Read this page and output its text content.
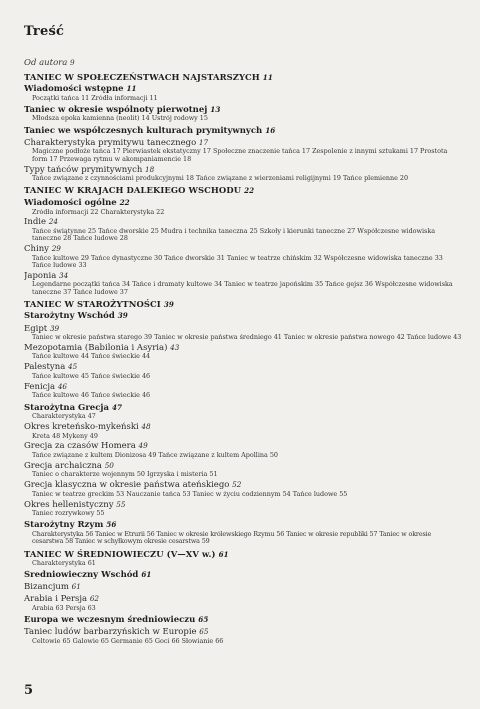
Treść
Od autora 9
TANIEC W SPOŁECZEŃSTWACH NAJSTARSZYCH 11
Wiadomości wstępne 11
Początki tańca 11 Źródła informacji 11
Taniec w okresie wspólnoty pierwotnej 13
Młodsza epoka kamienna (neolit) 14 Ustrój rodowy 15
Taniec we współczesnych kulturach prymitywnych 16
Charakterystyka prymitywu tanecznego 17
Magiczne podłoże tańca 17 Pierwiastek ekstatyczny 17 Społeczne znaczenie tańca 17 Zespolenie z innymi sztukami 17 Prostota form 17 Przewaga rytmu w akompaniamencie 18
Typy tańców prymitywnych 18
Tańce związane z czynnościami produkcyjnymi 18 Tańce związane z wierzeniami religijnymi 19 Tańce plemienne 20
TANIEC W KRAJACH DALEKIEGO WSCHODU 22
Wiadomości ogólne 22
Źródła informacji 22 Charakterystyka 22
Indie 24
Tańce świątynne 25 Tańce dworskie 25 Mudra i technika taneczna 25 Szkoły i kierunki taneczne 27 Współczesne widowiska taneczne 28 Tańce ludowe 28
Chiny 29
Tańce kultowe 29 Tańce dynastyczne 30 Tańce dworskie 31 Taniec w teatrze chińskim 32 Współczesne widowiska taneczne 33 Tańce ludowe 33
Japonia 34
Legendarne początki tańca 34 Tańce i dramaty kultowe 34 Taniec w teatrze japońskim 35 Tańce gejsz 36 Współczesne widowiska taneczne 37 Tańce ludowe 37
TANIEC W STAROŻYTNOŚCI 39
Starożytny Wschód 39
Egipt 39
Taniec w okresie państwa starego 39 Taniec w okresie państwa średniego 41 Taniec w okresie państwa nowego 42 Tańce ludowe 43
Mezopotamia (Babilonia i Asyria) 43
Tańce kultowe 44 Tańce świeckie 44
Palestyna 45
Tańce kultowe 45 Tańce świeckie 46
Fenicja 46
Tańce kultowe 46 Tańce świeckie 46
Starożytna Grecja 47
Charakterystyka 47
Okres kreteńsko-mykeński 48
Kreta 48 Mykeny 49
Grecja za czasów Homera 49
Tańce związane z kultem Dionizosa 49 Tańce związane z kultem Apollina 50
Grecja archaiczna 50
Taniec o charakterze wojennym 50 Igrzyska i misteria 51
Grecja klasyczna w okresie państwa ateńskiego 52
Taniec w teatrze greckim 53 Nauczanie tańca 53 Taniec w życiu codziennym 54 Tańce ludowe 55
Okres hellenistyczny 55
Taniec rozrywkowy 55
Starożytny Rzym 56
Charakterystyka 56 Taniec w Etrurii 56 Taniec w okresie królewskiego Rzymu 56 Taniec w okresie republiki 57 Taniec w okresie cesarstwa 58 Taniec w schyłkowym okresie cesarstwa 59
TANIEC W ŚREDNIOWIECZU (V—XV w.) 61
Charakterystyka 61
Średniowieczny Wschód 61
Bizancjum 61
Arabia i Persja 62
Arabia 63 Persja 63
Europa we wczesnym średniowieczu 65
Taniec ludów barbarzyńskich w Europie 65
Celtowie 65 Galowie 65 Germanie 65 Goci 66 Słowianie 66
5
